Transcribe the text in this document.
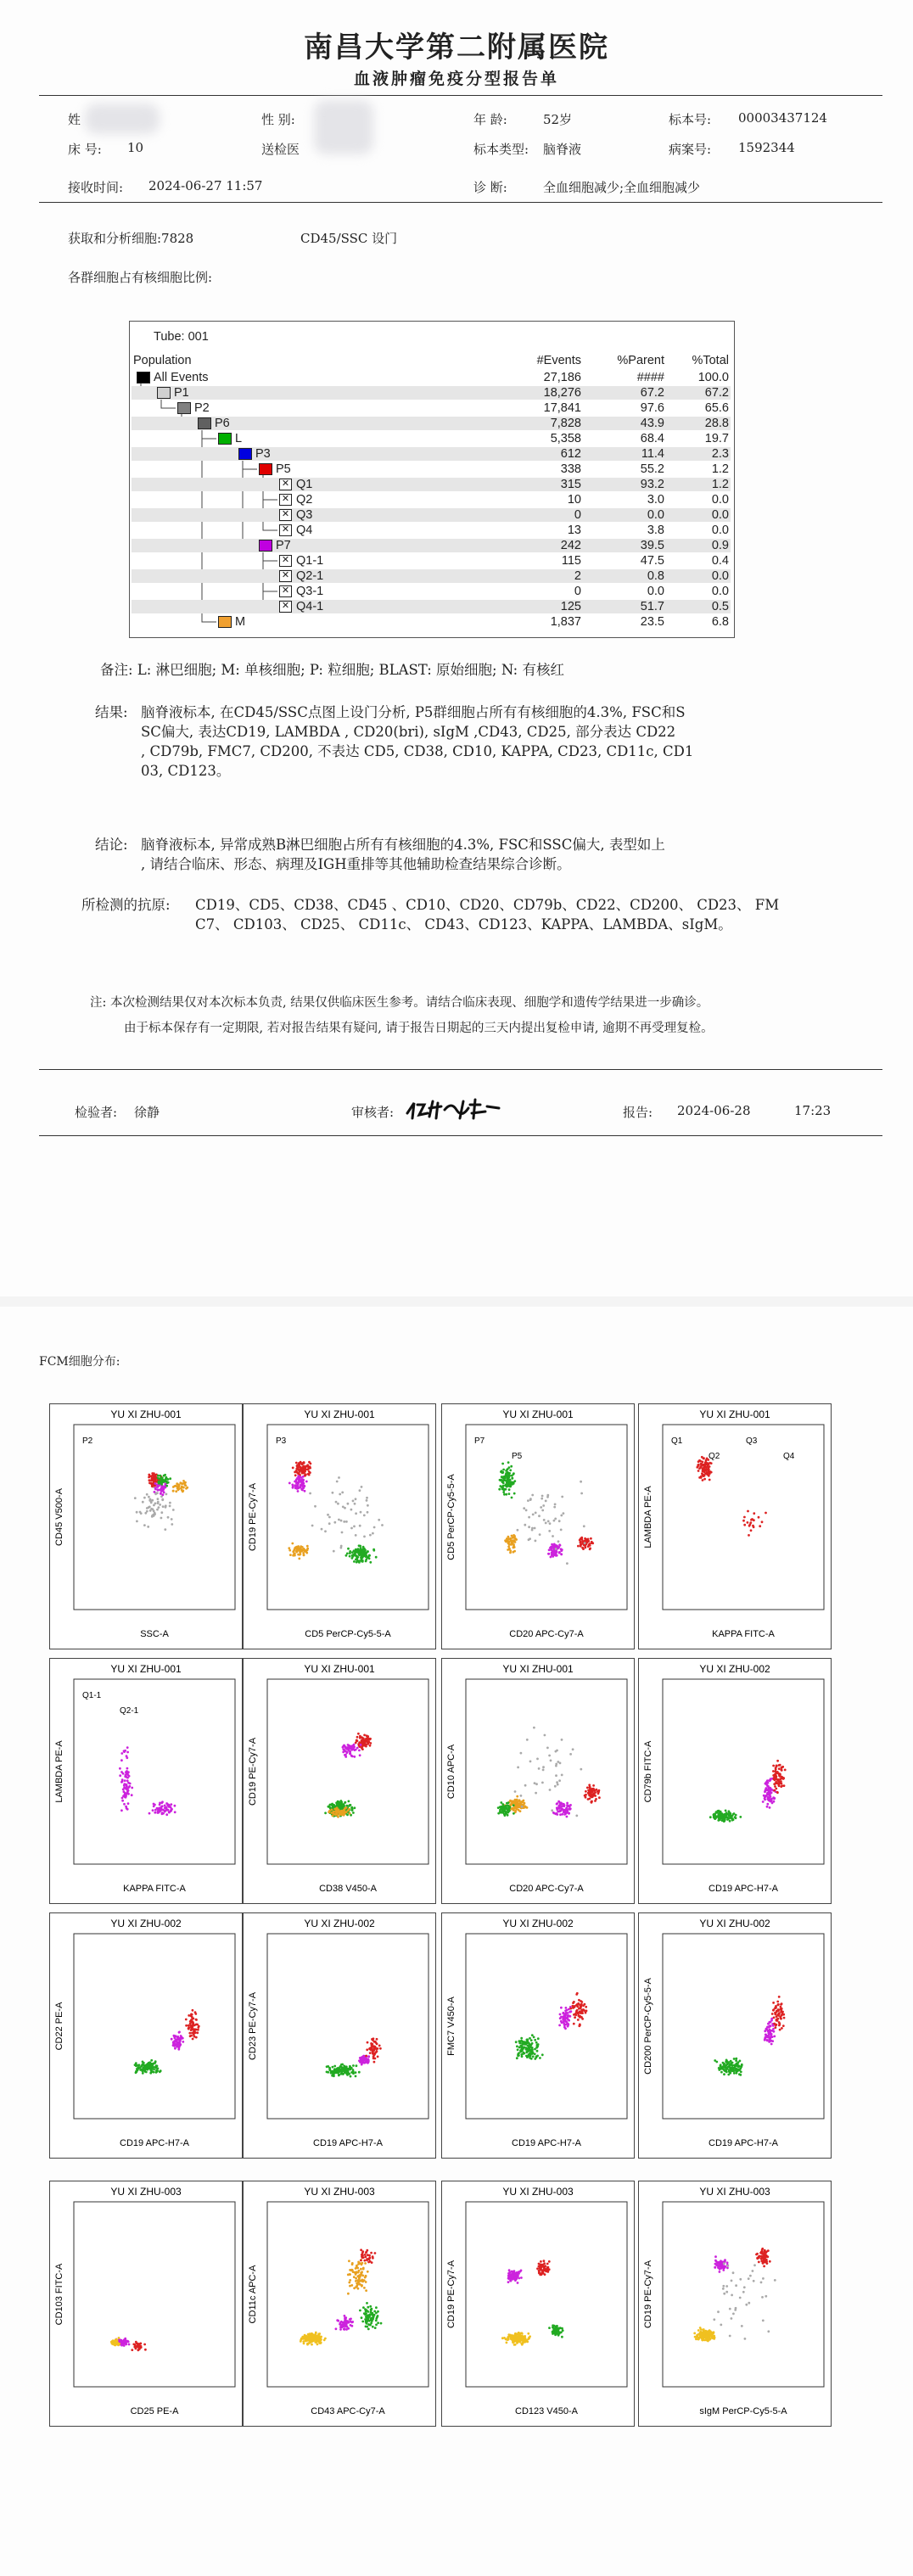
南昌大学第二附属医院
血液肿瘤免疫分型报告单
姓
床 号: 10
接收时间: 2024-06-27 11:57
性 别:
送检医
年 龄:	52岁
标本类型: 脑脊液
诊 断:	全血细胞减少;全血细胞减少
标本号: 00003437124
病案号: 1592344
获取和分析细胞:7828	CD45/SSC 设门
各群细胞占有核细胞比例:
Tube: 001
Population	#Events	%Parent	%Total
All Events	27,186	####	100.0
P1	18,276	67.2	67.2
P2	17,841	97.6	65.6
P6	7,828	43.9	28.8
L	5,358	68.4	19.7
P3	612	11.4	2.3
P5	338	55.2	1.2
✕ Q1	315	93.2	1.2
✕ Q2	10	3.0	0.0
✕ Q3	0	0.0	0.0
✕ Q4	13	3.8	0.0
P7	242	39.5	0.9
✕ Q1-1	115	47.5	0.4
✕ Q2-1	2	0.8	0.0
✕ Q3-1	0	0.0	0.0
✕ Q4-1	125	51.7	0.5
M	1,837	23.5	6.8
备注: L: 淋巴细胞; M: 单核细胞; P: 粒细胞; BLAST: 原始细胞; N: 有核红
结果: 脑脊液标本, 在CD45/SSC点图上设门分析, P5群细胞占所有有核细胞的4.3%, FSC和S
SC偏大, 表达CD19, LAMBDA , CD20(bri), sIgM ,CD43, CD25, 部分表达 CD22
, CD79b, FMC7, CD200, 不表达 CD5, CD38, CD10, KAPPA, CD23, CD11c, CD1
03, CD123。
结论: 脑脊液标本, 异常成熟B淋巴细胞占所有有核细胞的4.3%, FSC和SSC偏大, 表型如上
, 请结合临床、形态、病理及IGH重排等其他辅助检查结果综合诊断。
所检测的抗原: CD19、CD5、CD38、CD45 、CD10、CD20、CD79b、CD22、CD200、 CD23、 FM
C7、 CD103、 CD25、 CD11c、 CD43、CD123、KAPPA、LAMBDA、sIgM。
注: 本次检测结果仅对本次标本负责, 结果仅供临床医生参考。请结合临床表现、细胞学和遗传学结果进一步确诊。
由于标本保存有一定期限, 若对报告结果有疑问, 请于报告日期起的三天内提出复检申请, 逾期不再受理复检。
检验者: 徐静	审核者:	报告: 2024-06-28	17:23
FCM细胞分布:
YU XI ZHU-001
P2
SSC-A
CD45 V500-A
YU XI ZHU-001
P3
CD5 PerCP-Cy5-5-A
CD19 PE-Cy7-A
YU XI ZHU-001
P7
P5
CD20 APC-Cy7-A
CD5 PerCP-Cy5-5-A
YU XI ZHU-001
Q1
Q2
Q3
Q4
KAPPA FITC-A
LAMBDA PE-A
YU XI ZHU-001
Q1-1
Q2-1
KAPPA FITC-A
LAMBDA PE-A
YU XI ZHU-001
CD38 V450-A
CD19 PE-Cy7-A
YU XI ZHU-001
CD20 APC-Cy7-A
CD10 APC-A
YU XI ZHU-002
CD19 APC-H7-A
CD79b FITC-A
YU XI ZHU-002
CD19 APC-H7-A
CD22 PE-A
YU XI ZHU-002
CD19 APC-H7-A
CD23 PE-Cy7-A
YU XI ZHU-002
CD19 APC-H7-A
FMC7 V450-A
YU XI ZHU-002
CD19 APC-H7-A
CD200 PerCP-Cy5-5-A
YU XI ZHU-003
CD25 PE-A
CD103 FITC-A
YU XI ZHU-003
CD43 APC-Cy7-A
CD11c APC-A
YU XI ZHU-003
CD123 V450-A
CD19 PE-Cy7-A
YU XI ZHU-003
sIgM PerCP-Cy5-5-A
CD19 PE-Cy7-A
